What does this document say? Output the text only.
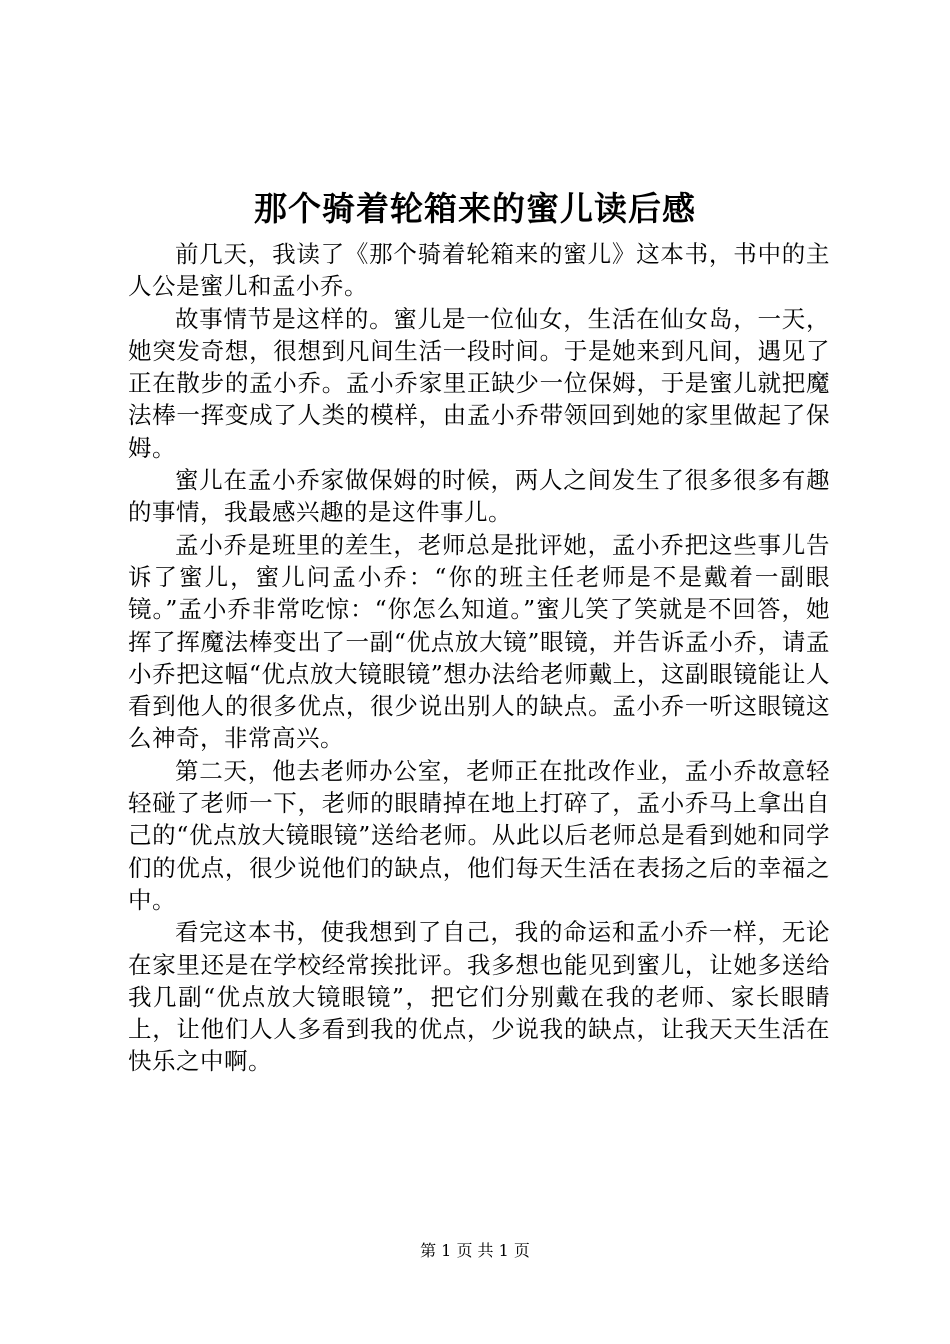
那个骑着轮箱来的蜜儿读后感

前几天，我读了《那个骑着轮箱来的蜜儿》这本书，书中的主人公是蜜儿和孟小乔。

故事情节是这样的。蜜儿是一位仙女，生活在仙女岛，一天，她突发奇想，很想到凡间生活一段时间。于是她来到凡间，遇见了正在散步的孟小乔。孟小乔家里正缺少一位保姆，于是蜜儿就把魔法棒一挥变成了人类的模样，由孟小乔带领回到她的家里做起了保姆。

蜜儿在孟小乔家做保姆的时候，两人之间发生了很多很多有趣的事情，我最感兴趣的是这件事儿。

孟小乔是班里的差生，老师总是批评她，孟小乔把这些事儿告诉了蜜儿，蜜儿问孟小乔：“你的班主任老师是不是戴着一副眼镜。”孟小乔非常吃惊：“你怎么知道。”蜜儿笑了笑就是不回答，她挥了挥魔法棒变出了一副“优点放大镜”眼镜，并告诉孟小乔，请孟小乔把这幅“优点放大镜眼镜”想办法给老师戴上，这副眼镜能让人看到他人的很多优点，很少说出别人的缺点。孟小乔一听这眼镜这么神奇，非常高兴。

第二天，他去老师办公室，老师正在批改作业，孟小乔故意轻轻碰了老师一下，老师的眼睛掉在地上打碎了，孟小乔马上拿出自己的“优点放大镜眼镜”送给老师。从此以后老师总是看到她和同学们的优点，很少说他们的缺点，他们每天生活在表扬之后的幸福之中。

看完这本书，使我想到了自己，我的命运和孟小乔一样，无论在家里还是在学校经常挨批评。我多想也能见到蜜儿，让她多送给我几副“优点放大镜眼镜”，把它们分别戴在我的老师、家长眼睛上，让他们人人多看到我的优点，少说我的缺点，让我天天生活在快乐之中啊。

第 1 页 共 1 页
